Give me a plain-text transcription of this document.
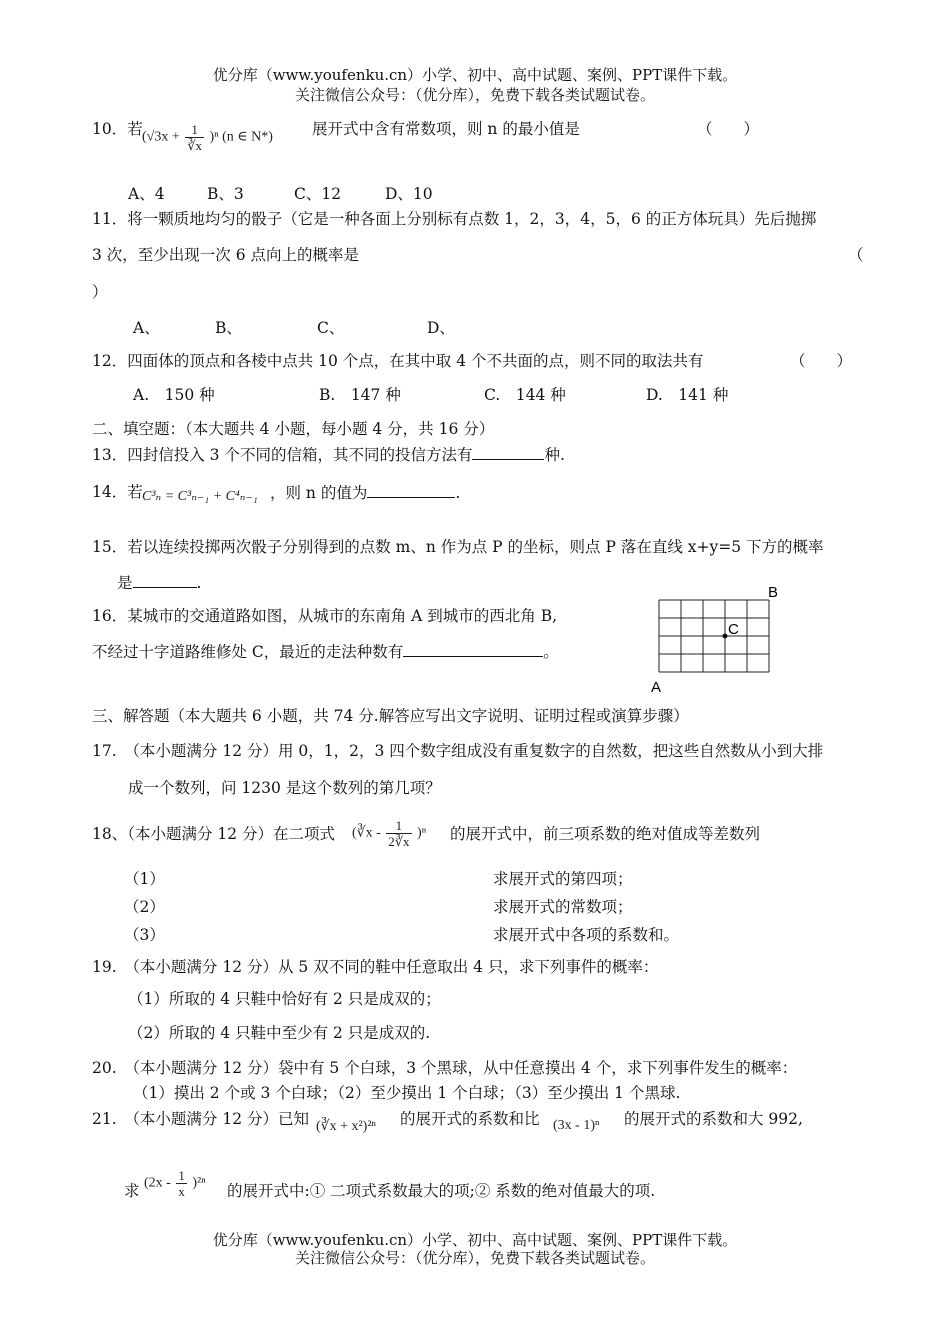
优分库（www.youfenku.cn）小学、初中、高中试题、案例、PPT课件下载。
关注微信公众号：（优分库），免费下载各类试题试卷。
10．若 $(√3x + \frac{1}{∛x} )^n$ (n ∈ N*)	展开式中含有常数项，则 n 的最小值是	（　　）
A、4	B、3	C、12	D、10
11．将一颗质地均匀的骰子（它是一种各面上分别标有点数 1，2，3，4，5，6 的正方体玩具）先后抛掷
3 次，至少出现一次 6 点向上的概率是	（
）
A、	B、	C、	D、
12．四面体的顶点和各棱中点共 10 个点，在其中取 4 个不共面的点，则不同的取法共有	（　　）
A.　150 种	B.　147 种	C.　144 种	D.　141 种
二、填空题：（本大题共 4 小题，每小题 4 分，共 16 分）
13．四封信投入 3 个不同的信箱，其不同的投信方法有	种.
14．若 C³ₙ = C³ₙ₋₁ + C⁴ₙ₋₁ ，则 n 的值为	.
15．若以连续投掷两次骰子分别得到的点数 m、n 作为点 P 的坐标，则点 P 落在直线 x+y=5 下方的概率
是	.
16．某城市的交通道路如图，从城市的东南角 A 到城市的西北角 B,
不经过十字道路维修处 C，最近的走法种数有	。
B
C
A
三、解答题（本大题共 6 小题，共 74 分.解答应写出文字说明、证明过程或演算步骤）
17.　（本小题满分 12 分）用 0，1，2，3 四个数字组成没有重复数字的自然数，把这些自然数从小到大排
成一个数列，问 1230 是这个数列的第几项？
18、（本小题满分 12 分）在二项式 (∛x - $\frac{1}{2∛x} )^n$ 的展开式中，前三项系数的绝对值成等差数列
（1）	求展开式的第四项；
（2）	求展开式的常数项；
（3）	求展开式中各项的系数和。
19.　（本小题满分 12 分）从 5 双不同的鞋中任意取出 4 只，求下列事件的概率：
（1）所取的 4 只鞋中恰好有 2 只是成双的；
（2）所取的 4 只鞋中至少有 2 只是成双的.
20.　（本小题满分 12 分）袋中有 5 个白球，3 个黑球，从中任意摸出 4 个，求下列事件发生的概率：
（1）摸出 2 个或 3 个白球；（2）至少摸出 1 个白球；（3）至少摸出 1 个黑球.
21.　（本小题满分 12 分）已知 (∛x + x²)²ⁿ 的展开式的系数和比 (3x - 1)ⁿ 的展开式的系数和大 992,
求 $(2x - \frac{1}{x} )^{2n}$ 的展开式中:① 二项式系数最大的项;② 系数的绝对值最大的项.
优分库（www.youfenku.cn）小学、初中、高中试题、案例、PPT课件下载。
关注微信公众号：（优分库），免费下载各类试题试卷。
